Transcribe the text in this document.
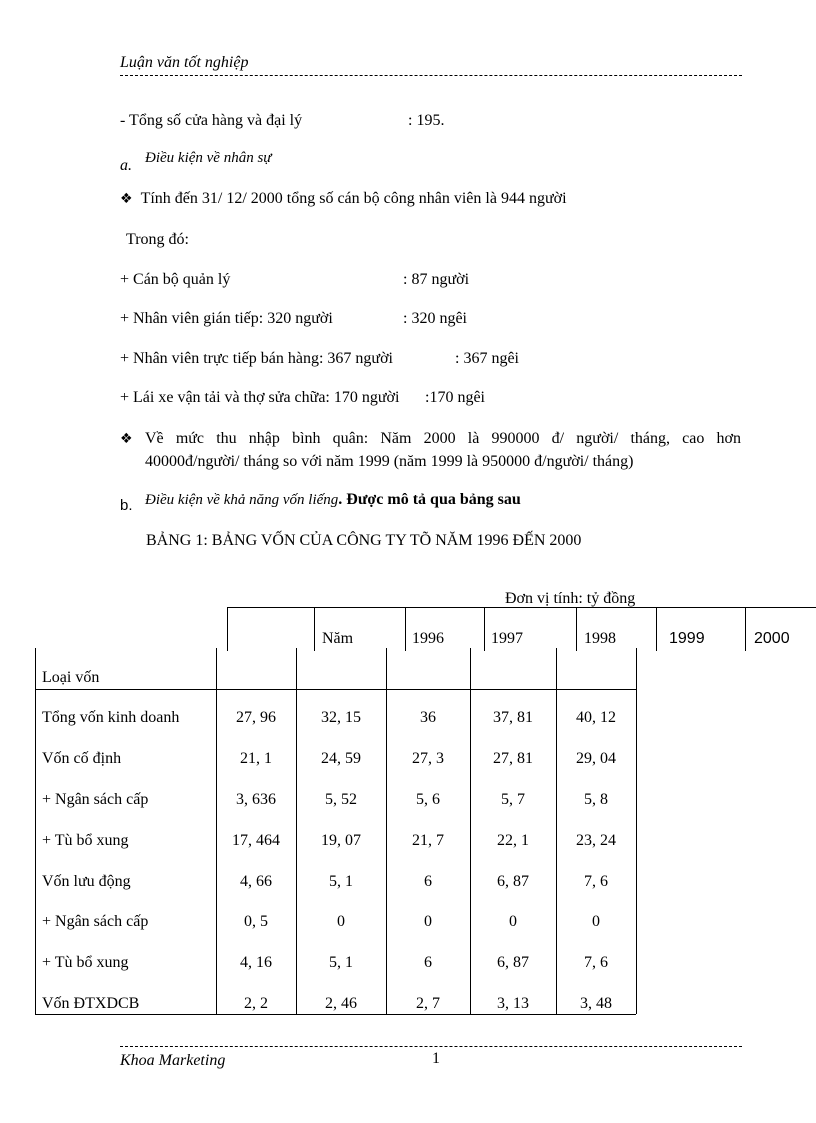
Luận văn tốt nghiệp
- Tổng số cửa hàng và đại lý	: 195.
a. Điều kiện về nhân sự
❖ Tính đến 31/ 12/ 2000 tổng số cán bộ công nhân viên là 944 người
Trong đó:
+ Cán bộ quản lý	: 87 người
+ Nhân viên gián tiếp: 320 người	: 320 ngêi
+ Nhân viên trực tiếp bán hàng: 367 người	: 367 ngêi
+ Lái xe vận tải và thợ sửa chữa: 170 người :170 ngêi
❖ Về mức thu nhập bình quân: Năm 2000 là 990000 đ/ người/ tháng, cao hơn
40000đ/người/ tháng so với năm 1999 (năm 1999 là 950000 đ/người/ tháng)
b. Điều kiện về khả năng vốn liếng. Được mô tả qua bảng sau
BẢNG 1: BẢNG VỐN CỦA CÔNG TY TÕ NĂM 1996 ĐẾN 2000
Đơn vị tính: tỷ đồng
Năm	1996	1997	1998	1999	2000
Loại vốn
Tổng vốn kinh doanh	27, 96	32, 15	36	37, 81	40, 12
Vốn cố định	21, 1	24, 59	27, 3	27, 81	29, 04
+ Ngân sách cấp	3, 636	5, 52	5, 6	5, 7	5, 8
+ Tù bổ xung	17, 464	19, 07	21, 7	22, 1	23, 24
Vốn lưu động	4, 66	5, 1	6	6, 87	7, 6
+ Ngân sách cấp	0, 5	0	0	0	0
+ Tù bổ xung	4, 16	5, 1	6	6, 87	7, 6
Vốn ĐTXDCB	2, 2	2, 46	2, 7	3, 13	3, 48
Khoa Marketing	1
